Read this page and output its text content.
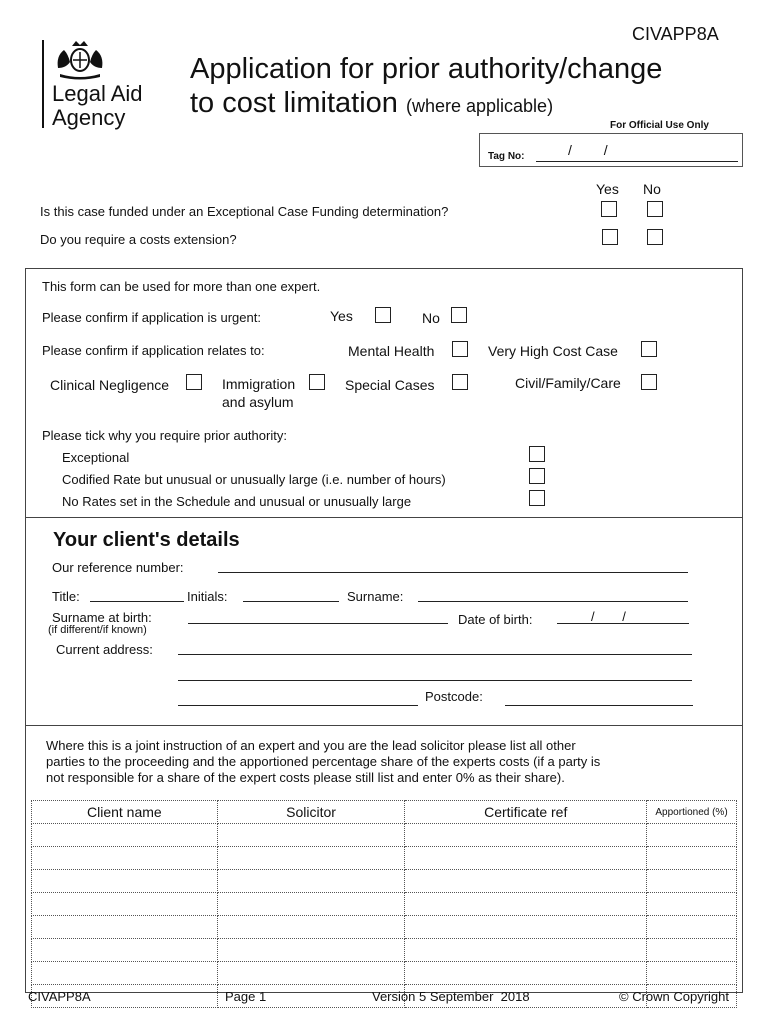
CIVAPP8A
Legal Aid
Agency
Application for prior authority/change
to cost limitation (where applicable)
For Official Use Only
Tag No:	/ /
Yes No
Is this case funded under an Exceptional Case Funding determination?
Do you require a costs extension?
This form can be used for more than one expert.
Please confirm if application is urgent:	Yes	No
Please confirm if application relates to:	Mental Health	Very High Cost Case
Clinical Negligence	Immigration
and asylum
Special Cases	Civil/Family/Care
Please tick why you require prior authority:
Exceptional
Codified Rate but unusual or unusually large (i.e. number of hours)
No Rates set in the Schedule and unusual or unusually large
Your client's details
Our reference number:
Title:	Initials:	Surname:
Surname at birth:
(if different/if known)
Date of birth:	/ /
Current address:
Postcode:
Where this is a joint instruction of an expert and you are the lead solicitor please list all other
parties to the proceeding and the apportioned percentage share of the experts costs (if a party is
not responsible for a share of the expert costs please still list and enter 0% as their share).
Client name	Solicitor	Certificate ref	Apportioned (%)

CIVAPP8A	Page 1	Version 5 September  2018	© Crown Copyright
